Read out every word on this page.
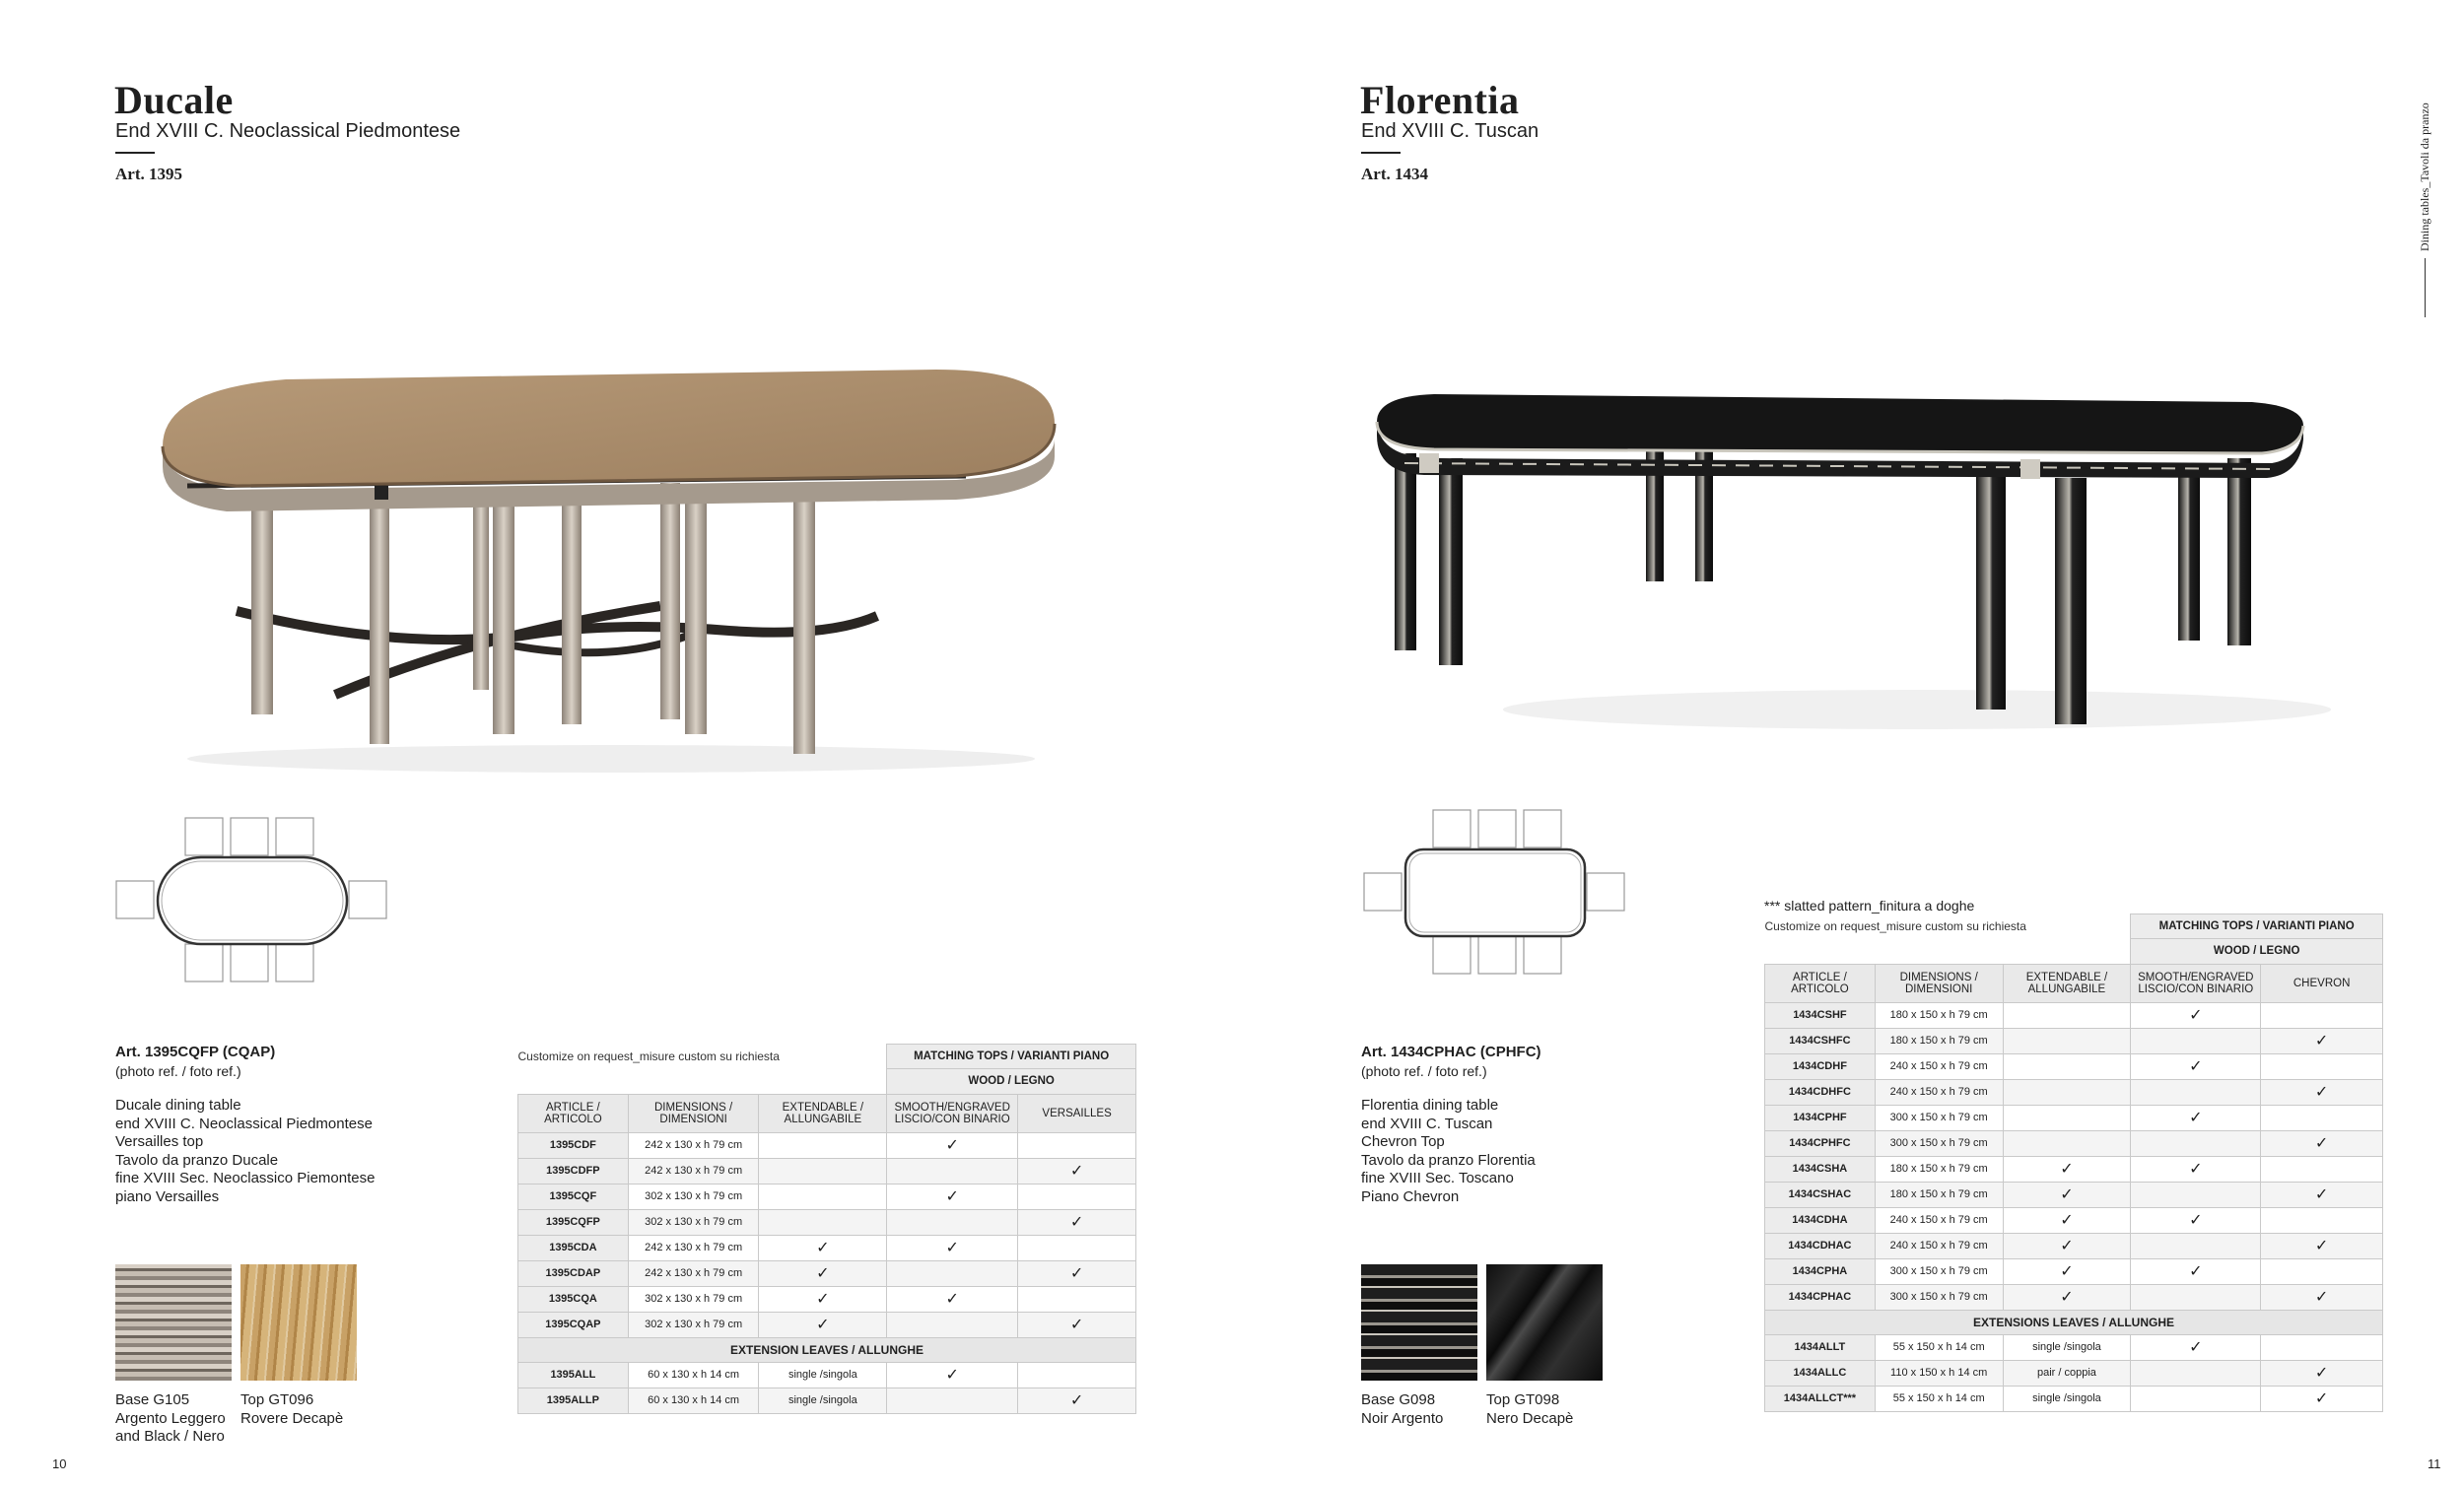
Ducale
End XVIII C. Neoclassical Piedmontese
Art. 1395
Art. 1395CQFP (CQAP)
(photo ref. / foto ref.)
Ducale dining table
end XVIII C. Neoclassical Piedmontese
Versailles top
Tavolo da pranzo Ducale
fine XVIII Sec. Neoclassico Piemontese
piano Versailles
Base G105
Argento Leggero
and Black / Nero
Top GT096
Rovere Decapè
Customize on request_misure custom su richiesta			MATCHING TOPS / VARIANTI PIANO	
			WOOD / LEGNO	
ARTICLE / ARTICOLO	DIMENSIONS / DIMENSIONI	EXTENDABLE / ALLUNGABILE	SMOOTH/ENGRAVED LISCIO/CON BINARIO	VERSAILLES
1395CDF	242 x 130 x h 79 cm		✓	
1395CDFP	242 x 130 x h 79 cm			✓
1395CQF	302 x 130 x h 79 cm		✓	
1395CQFP	302 x 130 x h 79 cm			✓
1395CDA	242 x 130 x h 79 cm	✓	✓	
1395CDAP	242 x 130 x h 79 cm	✓		✓
1395CQA	302 x 130 x h 79 cm	✓	✓	
1395CQAP	302 x 130 x h 79 cm	✓		✓
EXTENSION LEAVES / ALLUNGHE				
1395ALL	60 x 130 x h 14 cm	single /singola	✓	
1395ALLP	60 x 130 x h 14 cm	single /singola		✓
10
Florentia
End XVIII C. Tuscan
Art. 1434	Dining tables_Tavoli da pranzo
Art. 1434CPHAC (CPHFC)
(photo ref. / foto ref.)
Florentia dining table
end XVIII C. Tuscan
Chevron Top
Tavolo da pranzo Florentia
fine XVIII Sec. Toscano
Piano Chevron
Base G098
Noir Argento
Top GT098
Nero Decapè
*** slatted pattern_finitura a doghe
Customize on request_misure custom su richiesta			MATCHING TOPS / VARIANTI PIANO	
			WOOD / LEGNO	
ARTICLE / ARTICOLO	DIMENSIONS / DIMENSIONI	EXTENDABLE / ALLUNGABILE	SMOOTH/ENGRAVED LISCIO/CON BINARIO	CHEVRON
1434CSHF	180 x 150 x h 79 cm		✓	
1434CSHFC	180 x 150 x h 79 cm			✓
1434CDHF	240 x 150 x h 79 cm		✓	
1434CDHFC	240 x 150 x h 79 cm			✓
1434CPHF	300 x 150 x h 79 cm		✓	
1434CPHFC	300 x 150 x h 79 cm			✓
1434CSHA	180 x 150 x h 79 cm	✓	✓	
1434CSHAC	180 x 150 x h 79 cm	✓		✓
1434CDHA	240 x 150 x h 79 cm	✓	✓	
1434CDHAC	240 x 150 x h 79 cm	✓		✓
1434CPHA	300 x 150 x h 79 cm	✓	✓	
1434CPHAC	300 x 150 x h 79 cm	✓		✓
EXTENSIONS LEAVES / ALLUNGHE				
1434ALLT	55 x 150 x h 14 cm	single /singola	✓	
1434ALLC	110 x 150 x h 14 cm	pair / coppia		✓
1434ALLCT***	55 x 150 x h 14 cm	single /singola		✓
11
